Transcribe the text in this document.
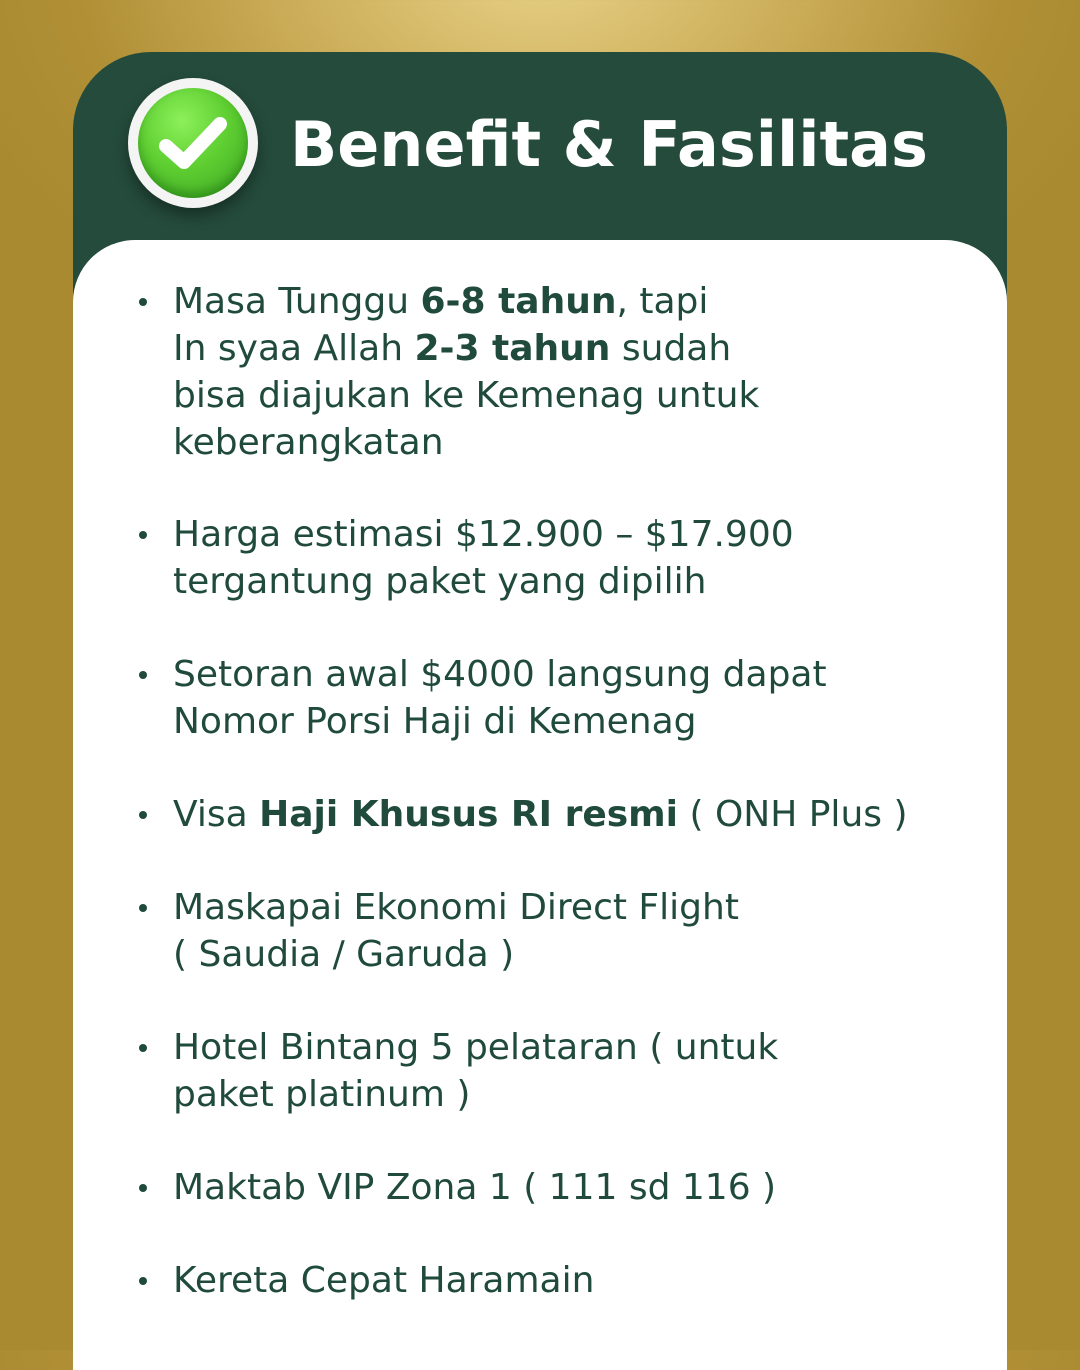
Benefit & Fasilitas
Masa Tunggu 6-8 tahun, tapi
In syaa Allah 2-3 tahun sudah
bisa diajukan ke Kemenag untuk
keberangkatan
Harga estimasi $12.900 – $17.900
tergantung paket yang dipilih
Setoran awal $4000 langsung dapat
Nomor Porsi Haji di Kemenag
Visa Haji Khusus RI resmi ( ONH Plus )
Maskapai Ekonomi Direct Flight
( Saudia / Garuda )
Hotel Bintang 5 pelataran ( untuk
paket platinum )
Maktab VIP Zona 1 ( 111 sd 116 )
Kereta Cepat Haramain
